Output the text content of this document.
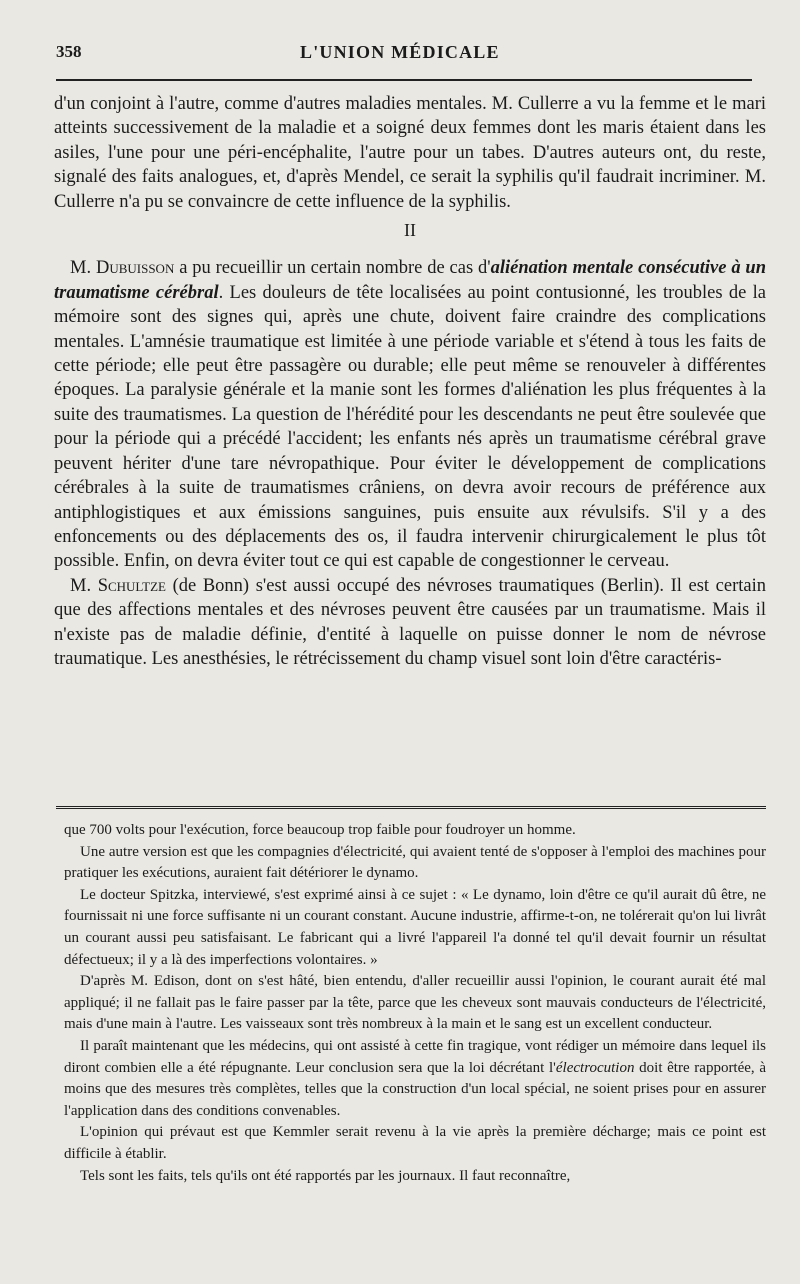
358	L'UNION MÉDICALE

d'un conjoint à l'autre, comme d'autres maladies mentales. M. Cullerre a vu la femme et le mari atteints successivement de la maladie et a soigné deux femmes dont les maris étaient dans les asiles, l'une pour une péri-encéphalite, l'autre pour un tabes. D'autres auteurs ont, du reste, signalé des faits analogues, et, d'après Mendel, ce serait la syphilis qu'il faudrait incriminer. M. Cullerre n'a pu se convaincre de cette influence de la syphilis.

II

M. Dubuisson a pu recueillir un certain nombre de cas d'aliénation mentale consécutive à un traumatisme cérébral. Les douleurs de tête localisées au point contusionné, les troubles de la mémoire sont des signes qui, après une chute, doivent faire craindre des complications mentales. L'amnésie traumatique est limitée à une période variable et s'étend à tous les faits de cette période; elle peut être passagère ou durable; elle peut même se renouveler à différentes époques. La paralysie générale et la manie sont les formes d'aliénation les plus fréquentes à la suite des traumatismes. La question de l'hérédité pour les descendants ne peut être soulevée que pour la période qui a précédé l'accident; les enfants nés après un traumatisme cérébral grave peuvent hériter d'une tare névropathique. Pour éviter le développement de complications cérébrales à la suite de traumatismes crâniens, on devra avoir recours de préférence aux antiphlogistiques et aux émissions sanguines, puis ensuite aux révulsifs. S'il y a des enfoncements ou des déplacements des os, il faudra intervenir chirurgicalement le plus tôt possible. Enfin, on devra éviter tout ce qui est capable de congestionner le cerveau.

M. Schultze (de Bonn) s'est aussi occupé des névroses traumatiques (Berlin). Il est certain que des affections mentales et des névroses peuvent être causées par un traumatisme. Mais il n'existe pas de maladie définie, d'entité à laquelle on puisse donner le nom de névrose traumatique. Les anesthésies, le rétrécissement du champ visuel sont loin d'être caractéris-

que 700 volts pour l'exécution, force beaucoup trop faible pour foudroyer un homme.

Une autre version est que les compagnies d'électricité, qui avaient tenté de s'opposer à l'emploi des machines pour pratiquer les exécutions, auraient fait détériorer le dynamo.

Le docteur Spitzka, interviewé, s'est exprimé ainsi à ce sujet : « Le dynamo, loin d'être ce qu'il aurait dû être, ne fournissait ni une force suffisante ni un courant constant. Aucune industrie, affirme-t-on, ne tolérerait qu'on lui livrât un courant aussi peu satisfaisant. Le fabricant qui a livré l'appareil l'a donné tel qu'il devait fournir un résultat défectueux; il y a là des imperfections volontaires. »

D'après M. Edison, dont on s'est hâté, bien entendu, d'aller recueillir aussi l'opinion, le courant aurait été mal appliqué; il ne fallait pas le faire passer par la tête, parce que les cheveux sont mauvais conducteurs de l'électricité, mais d'une main à l'autre. Les vaisseaux sont très nombreux à la main et le sang est un excellent conducteur.

Il paraît maintenant que les médecins, qui ont assisté à cette fin tragique, vont rédiger un mémoire dans lequel ils diront combien elle a été répugnante. Leur conclusion sera que la loi décrétant l'électrocution doit être rapportée, à moins que des mesures très complètes, telles que la construction d'un local spécial, ne soient prises pour en assurer l'application dans des conditions convenables.

L'opinion qui prévaut est que Kemmler serait revenu à la vie après la première décharge; mais ce point est difficile à établir.

Tels sont les faits, tels qu'ils ont été rapportés par les journaux. Il faut reconnaître,
